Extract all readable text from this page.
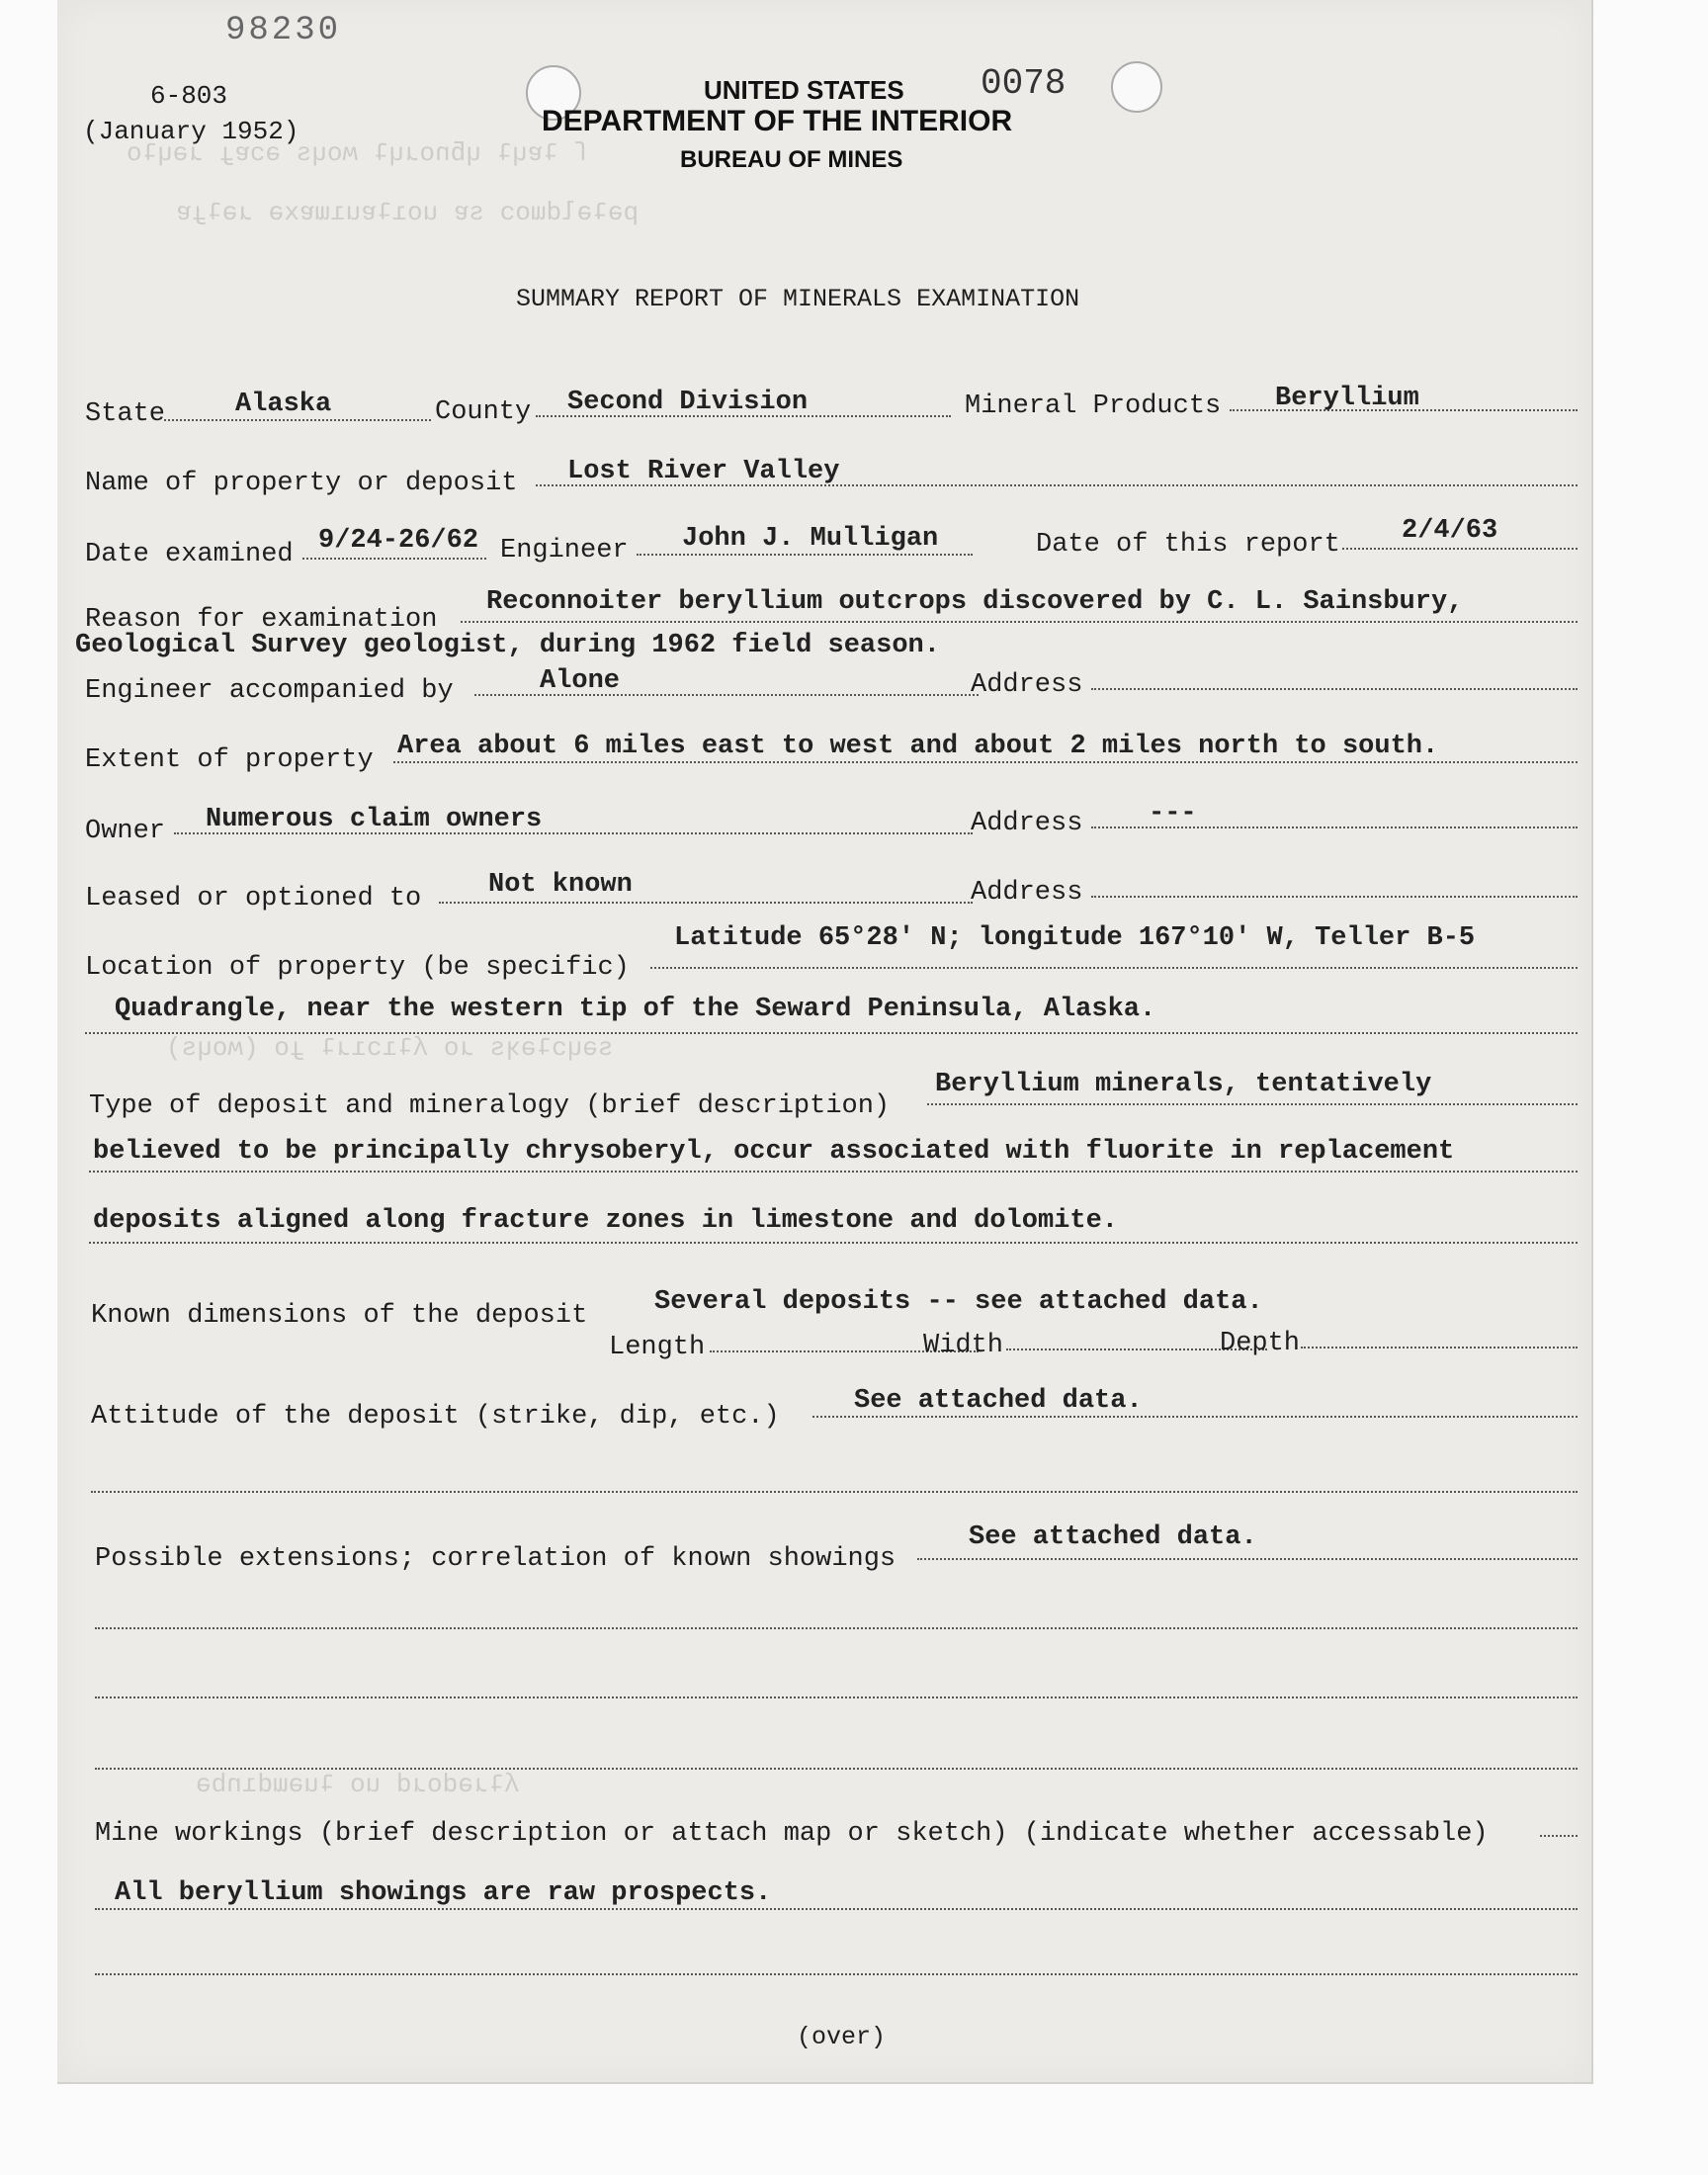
ſ ʇɐɥʇ ɥƃnoɹɥʇ ʍoɥs ǝɔɐɟ ɹǝɥʇo
pǝʇǝldɯoɔ sɐ uoıʇɐuıɯɐxǝ ɹǝʇɟɐ
sǝɥɔʇǝʞs ɹo ʎʇıɔıɹʇ ɟo (ʍoɥs)
ʎʇɹǝdoɹd uo ʇuǝɯdınbǝ
98230
6-803
(January 1952)
UNITED STATES 0078
DEPARTMENT OF THE INTERIOR
BUREAU OF MINES
SUMMARY REPORT OF MINERALS EXAMINATION
State	Alaska	County Second Division	Mineral Products Beryllium
Name of property or deposit Lost River Valley
Date examined 9/24-26/62 Engineer John J. Mulligan	Date of this report 2/4/63
Reason for examination
Reconnoiter beryllium outcrops discovered by C. L. Sainsbury,
Geological Survey geologist, during 1962 field season.
Engineer accompanied by	Alone	Address
Extent of property Area about 6 miles east to west and about 2 miles north to south.
Owner Numerous claim owners	Address ---
Leased or optioned to	Not known	Address
Location of property (be specific)
Latitude 65°28' N; longitude 167°10' W, Teller B-5
Quadrangle, near the western tip of the Seward Peninsula, Alaska.
Type of deposit and mineralogy (brief description)
Beryllium minerals, tentatively
believed to be principally chrysoberyl, occur associated with fluorite in replacement
deposits aligned along fracture zones in limestone and dolomite.
Known dimensions of the deposit	Several deposits -- see attached data.
Length	Width	Depth
Attitude of the deposit (strike, dip, etc.)
See attached data.
Possible extensions; correlation of known showings
See attached data.
Mine workings (brief description or attach map or sketch) (indicate whether accessable)
All beryllium showings are raw prospects.
(over)
